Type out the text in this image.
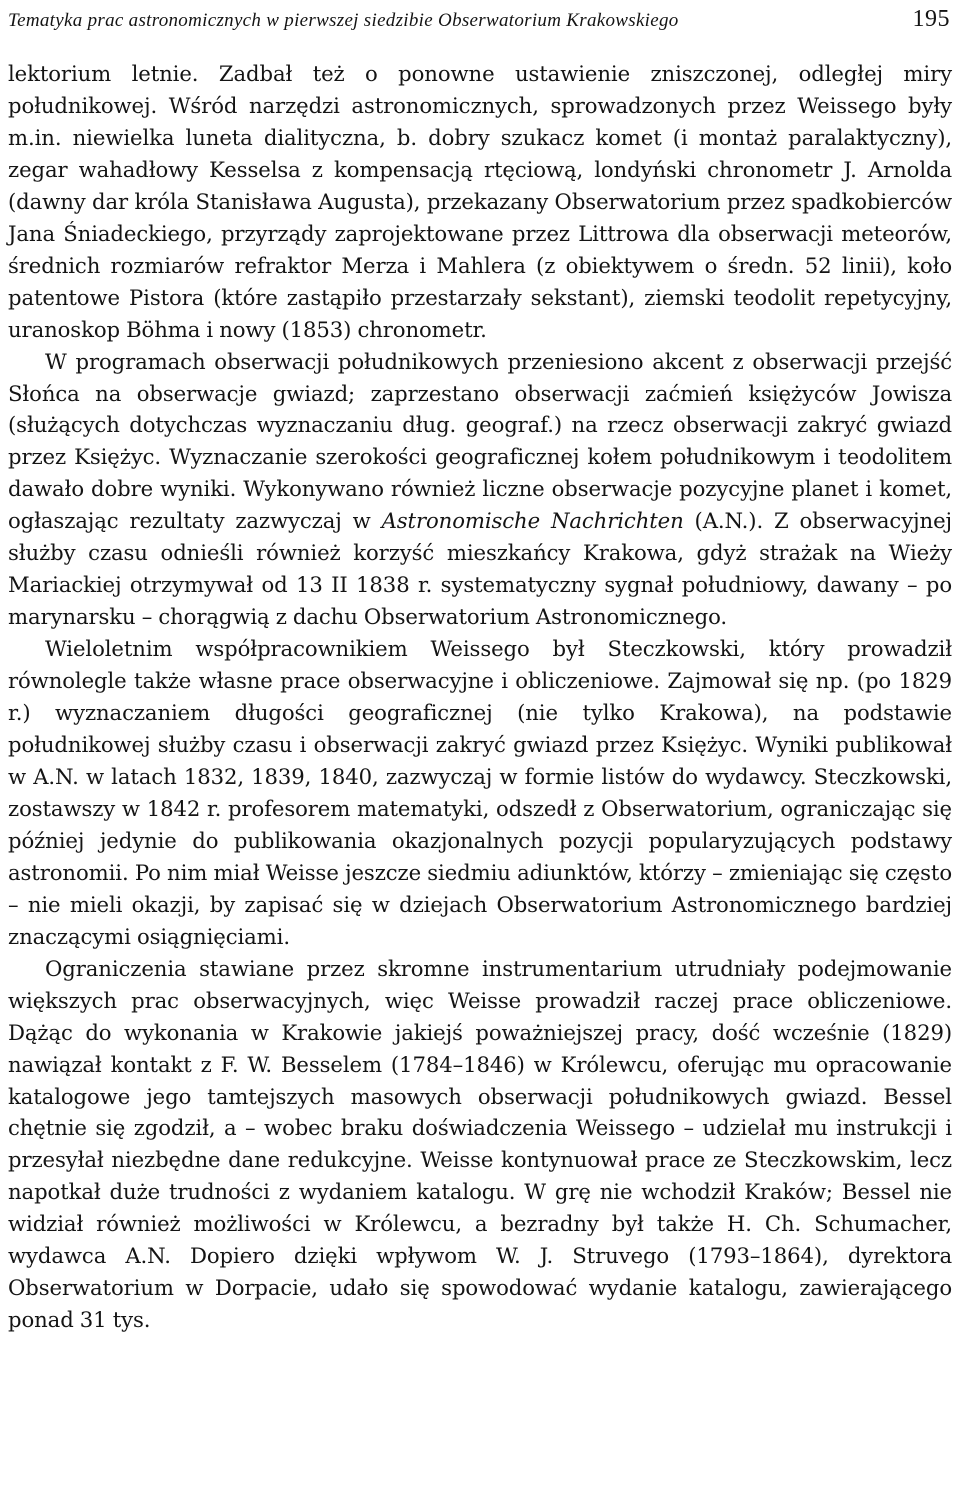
Tematyka prac astronomicznych w pierwszej siedzibie Obserwatorium Krakowskiego	195

lektorium letnie. Zadbał też o ponowne ustawienie zniszczonej, odległej miry południkowej. Wśród narzędzi astronomicznych, sprowadzonych przez Weissego były m.in. niewielka luneta dialityczna, b. dobry szukacz komet (i montaż paralaktyczny), zegar wahadłowy Kesselsa z kompensacją rtęciową, londyński chronometr J. Arnolda (dawny dar króla Stanisława Augusta), przekazany Obserwatorium przez spadkobierców Jana Śniadeckiego, przyrządy zaprojektowane przez Littrowa dla obserwacji meteorów, średnich rozmiarów refraktor Merza i Mahlera (z obiektywem o średn. 52 linii), koło patentowe Pistora (które zastąpiło przestarzały sekstant), ziemski teodolit repetycyjny, uranoskop Böhma i nowy (1853) chronometr.

W programach obserwacji południkowych przeniesiono akcent z obserwacji przejść Słońca na obserwacje gwiazd; zaprzestano obserwacji zaćmień księżyców Jowisza (służących dotychczas wyznaczaniu dług. geograf.) na rzecz obserwacji zakryć gwiazd przez Księżyc. Wyznaczanie szerokości geograficznej kołem południkowym i teodolitem dawało dobre wyniki. Wykonywano również liczne obserwacje pozycyjne planet i komet, ogłaszając rezultaty zazwyczaj w Astronomische Nachrichten (A.N.). Z obserwacyjnej służby czasu odnieśli również korzyść mieszkańcy Krakowa, gdyż strażak na Wieży Mariackiej otrzymywał od 13 II 1838 r. systematyczny sygnał południowy, dawany – po marynarsku – chorągwią z dachu Obserwatorium Astronomicznego.

Wieloletnim współpracownikiem Weissego był Steczkowski, który prowadził równolegle także własne prace obserwacyjne i obliczeniowe. Zajmował się np. (po 1829 r.) wyznaczaniem długości geograficznej (nie tylko Krakowa), na podstawie południkowej służby czasu i obserwacji zakryć gwiazd przez Księżyc. Wyniki publikował w A.N. w latach 1832, 1839, 1840, zazwyczaj w formie listów do wydawcy. Steczkowski, zostawszy w 1842 r. profesorem matematyki, odszedł z Obserwatorium, ograniczając się później jedynie do publikowania okazjonalnych pozycji popularyzujących podstawy astronomii. Po nim miał Weisse jeszcze siedmiu adiunktów, którzy – zmieniając się często – nie mieli okazji, by zapisać się w dziejach Obserwatorium Astronomicznego bardziej znaczącymi osiągnięciami.

Ograniczenia stawiane przez skromne instrumentarium utrudniały podejmowanie większych prac obserwacyjnych, więc Weisse prowadził raczej prace obliczeniowe. Dążąc do wykonania w Krakowie jakiejś poważniejszej pracy, dość wcześnie (1829) nawiązał kontakt z F. W. Besselem (1784–1846) w Królewcu, oferując mu opracowanie katalogowe jego tamtejszych masowych obserwacji południkowych gwiazd. Bessel chętnie się zgodził, a – wobec braku doświadczenia Weissego – udzielał mu instrukcji i przesyłał niezbędne dane redukcyjne. Weisse kontynuował prace ze Steczkowskim, lecz napotkał duże trudności z wydaniem katalogu. W grę nie wchodził Kraków; Bessel nie widział również możliwości w Królewcu, a bezradny był także H. Ch. Schumacher, wydawca A.N. Dopiero dzięki wpływom W. J. Struvego (1793–1864), dyrektora Obserwatorium w Dorpacie, udało się spowodować wydanie katalogu, zawierającego ponad 31 tys.
